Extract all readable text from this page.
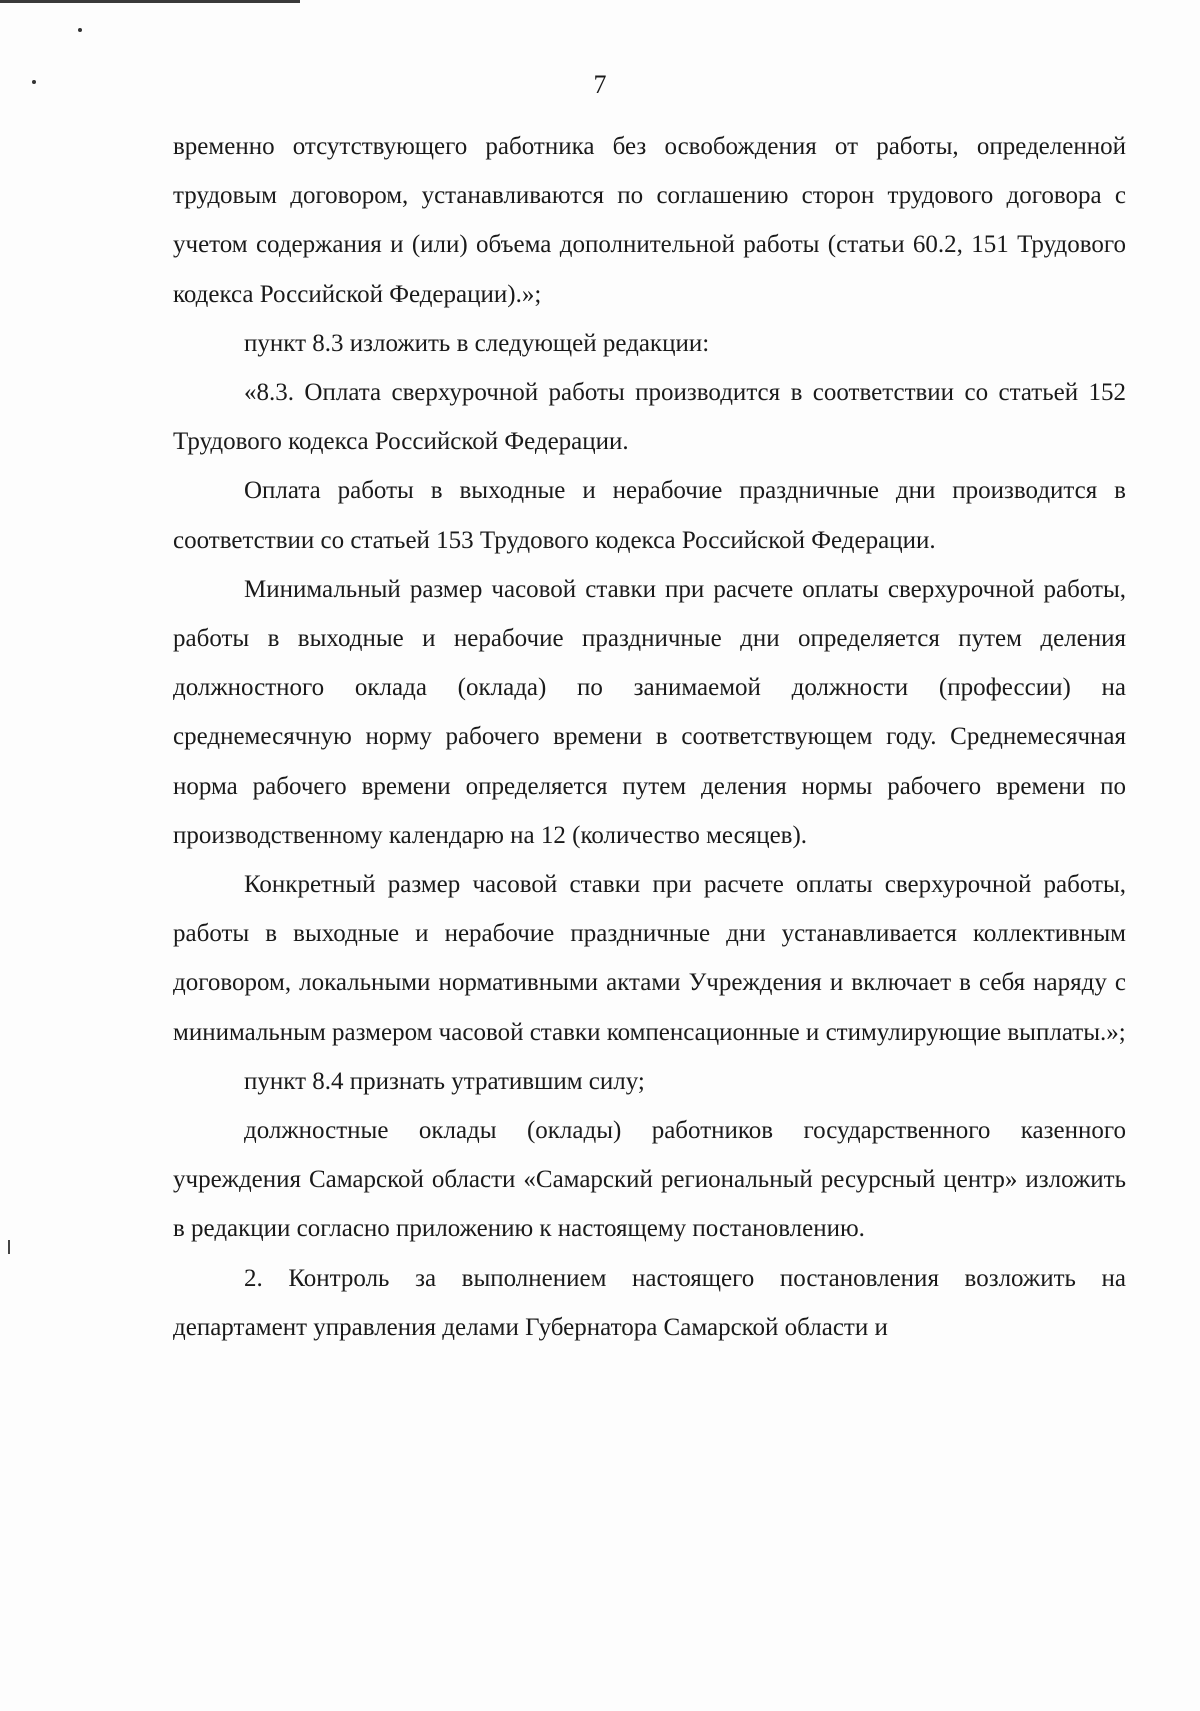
7

временно отсутствующего работника без освобождения от работы, определенной трудовым договором, устанавливаются по соглашению сторон трудового договора с учетом содержания и (или) объема дополнительной работы (статьи 60.2, 151 Трудового кодекса Российской Федерации).»;

пункт 8.3 изложить в следующей редакции:

«8.3. Оплата сверхурочной работы производится в соответствии со статьей 152 Трудового кодекса Российской Федерации.

Оплата работы в выходные и нерабочие праздничные дни производится в соответствии со статьей 153 Трудового кодекса Российской Федерации.

Минимальный размер часовой ставки при расчете оплаты сверхурочной работы, работы в выходные и нерабочие праздничные дни определяется путем деления должностного оклада (оклада) по занимаемой должности (профессии) на среднемесячную норму рабочего времени в соответствующем году. Среднемесячная норма рабочего времени определяется путем деления нормы рабочего времени по производственному календарю на 12 (количество месяцев).

Конкретный размер часовой ставки при расчете оплаты сверхурочной работы, работы в выходные и нерабочие праздничные дни устанавливается коллективным договором, локальными нормативными актами Учреждения и включает в себя наряду с минимальным размером часовой ставки компенсационные и стимулирующие выплаты.»;

пункт 8.4 признать утратившим силу;

должностные оклады (оклады) работников государственного казенного учреждения Самарской области «Самарский региональный ресурсный центр» изложить в редакции согласно приложению к настоящему постановлению.

2. Контроль за выполнением настоящего постановления возложить на департамент управления делами Губернатора Самарской области и
